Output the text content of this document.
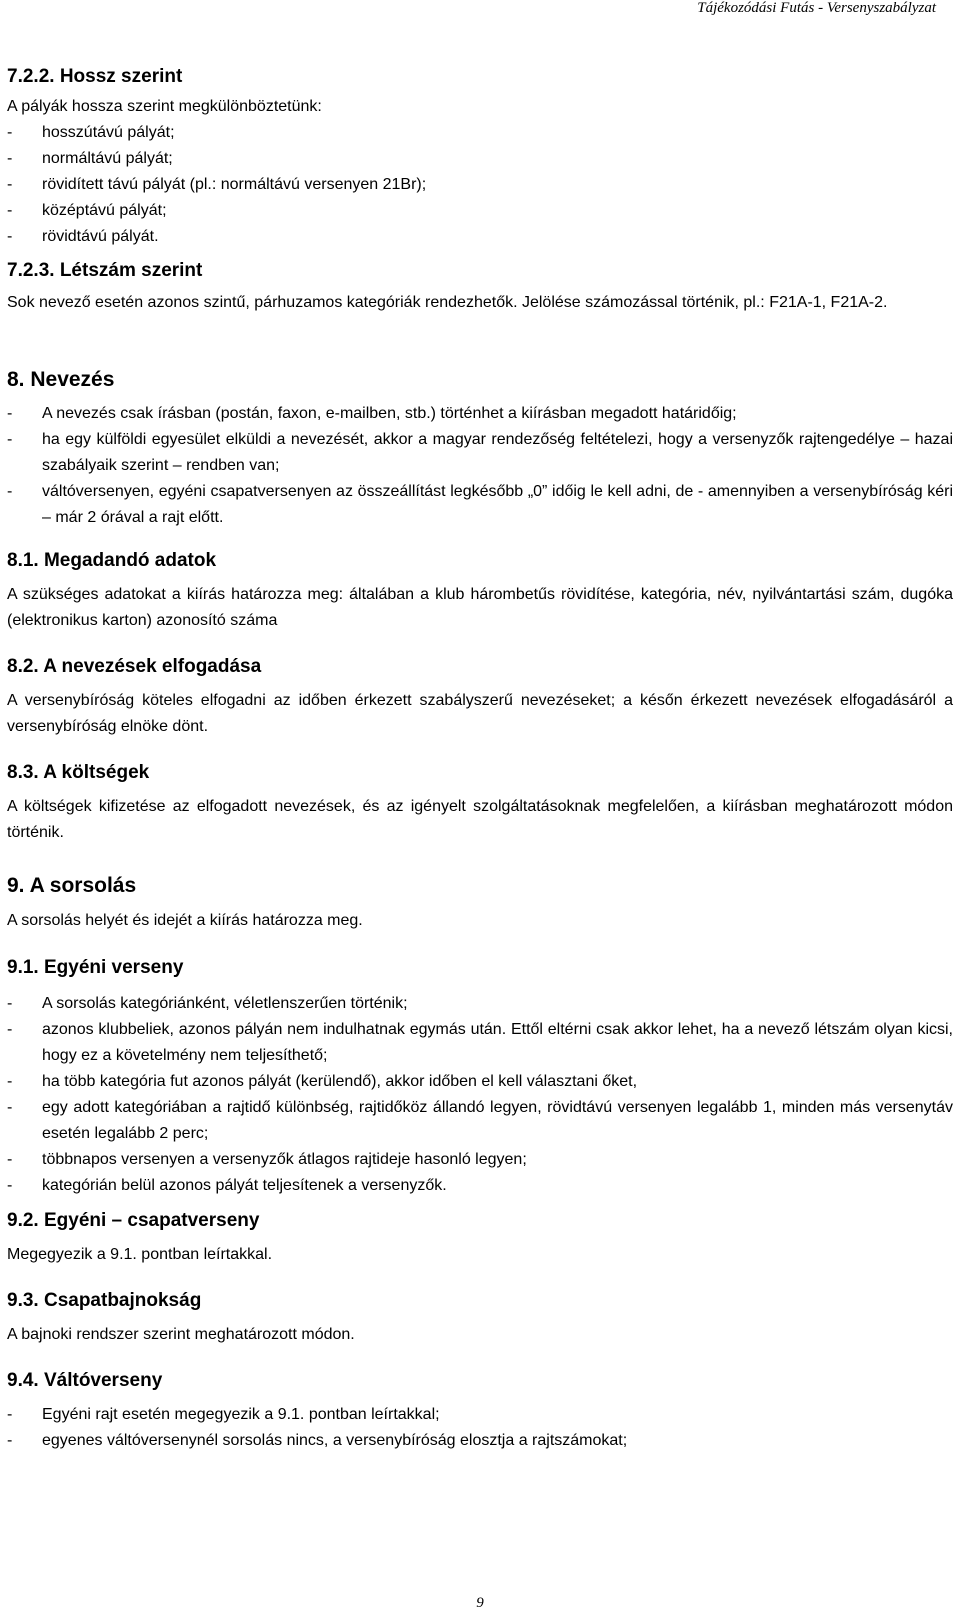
Tájékozódási Futás - Versenyszabályzat
7.2.2. Hossz szerint

A pályák hossza szerint megkülönböztetünk:

- hosszútávú pályát;
- normáltávú pályát;
- rövidített távú pályát (pl.: normáltávú versenyen 21Br);
- középtávú pályát;
- rövidtávú pályát.
7.2.3. Létszám szerint

Sok nevező esetén azonos szintű, párhuzamos kategóriák rendezhetők. Jelölése számozással történik, pl.: F21A-1, F21A-2.

8. Nevezés
- A nevezés csak írásban (postán, faxon, e-mailben, stb.) történhet a kiírásban megadott határidőig;
- ha egy külföldi egyesület elküldi a nevezését, akkor a magyar rendezőség feltételezi, hogy a versenyzők rajtengedélye – hazai szabályaik szerint – rendben van;
- váltóversenyen, egyéni csapatversenyen az összeállítást legkésőbb „0” időig le kell adni, de - amennyiben a versenybíróság kéri – már 2 órával a rajt előtt.
8.1. Megadandó adatok

A szükséges adatokat a kiírás határozza meg: általában a klub hárombetűs rövidítése, kategória, név, nyilvántartási szám, dugóka (elektronikus karton) azonosító száma

8.2. A nevezések elfogadása

A versenybíróság köteles elfogadni az időben érkezett szabályszerű nevezéseket; a későn érkezett nevezések elfogadásáról a versenybíróság elnöke dönt.

8.3. A költségek

A költségek kifizetése az elfogadott nevezések, és az igényelt szolgáltatásoknak megfelelően, a kiírásban meghatározott módon történik.

9. A sorsolás

A sorsolás helyét és idejét a kiírás határozza meg.

9.1. Egyéni verseny
- A sorsolás kategóriánként, véletlenszerűen történik;
- azonos klubbeliek, azonos pályán nem indulhatnak egymás után. Ettől eltérni csak akkor lehet, ha a nevező létszám olyan kicsi, hogy ez a követelmény nem teljesíthető;
- ha több kategória fut azonos pályát (kerülendő), akkor időben el kell választani őket,
- egy adott kategóriában a rajtidő különbség, rajtidőköz állandó legyen, rövidtávú versenyen legalább 1, minden más versenytáv esetén legalább 2 perc;
- többnapos versenyen a versenyzők átlagos rajtideje hasonló legyen;
- kategórián belül azonos pályát teljesítenek a versenyzők.
9.2. Egyéni – csapatverseny

Megegyezik a 9.1. pontban leírtakkal.

9.3. Csapatbajnokság

A bajnoki rendszer szerint meghatározott módon.

9.4. Váltóverseny
- Egyéni rajt esetén megegyezik a 9.1. pontban leírtakkal;
- egyenes váltóversenynél sorsolás nincs, a versenybíróság elosztja a rajtszámokat;
9
